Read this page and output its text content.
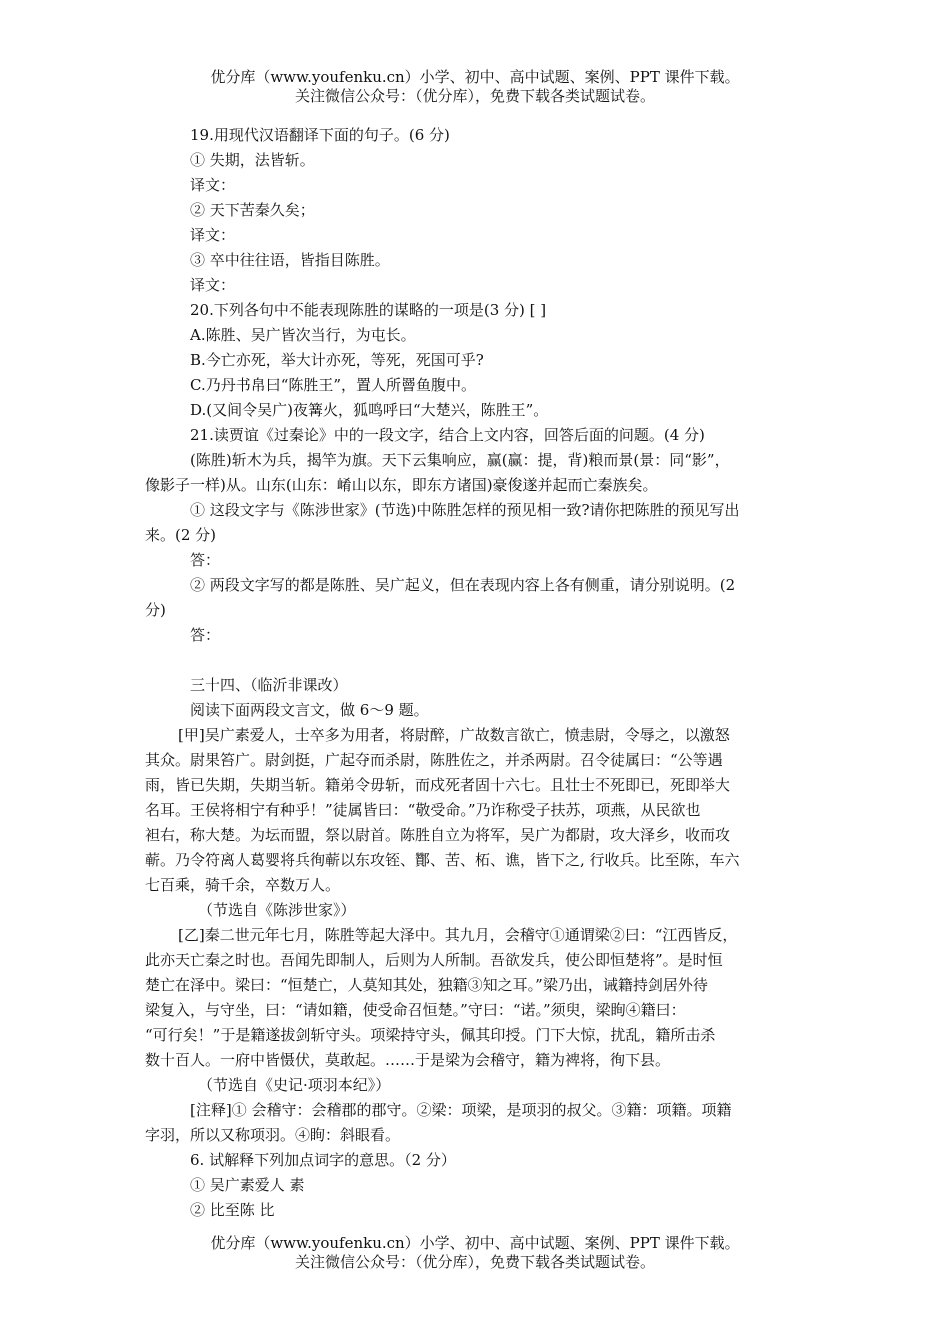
优分库（www.youfenku.cn）小学、初中、高中试题、案例、PPT 课件下载。
关注微信公众号：（优分库），免费下载各类试题试卷。
19.用现代汉语翻译下面的句子。(6 分)
① 失期，法皆斩。
译文：
② 天下苦秦久矣；
译文：
③ 卒中往往语，皆指目陈胜。
译文：
20.下列各句中不能表现陈胜的谋略的一项是(3 分) [ ]
A.陈胜、吴广皆次当行，为屯长。
B.今亡亦死，举大计亦死，等死，死国可乎?
C.乃丹书帛曰“陈胜王”，置人所罾鱼腹中。
D.(又间令吴广)夜篝火，狐鸣呼曰“大楚兴，陈胜王”。
21.读贾谊《过秦论》中的一段文字，结合上文内容，回答后面的问题。(4 分)
(陈胜)斩木为兵，揭竿为旗。天下云集响应，赢(赢：提，背)粮而景(景：同“影”，
像影子一样)从。山东(山东：崤山以东，即东方诸国)豪俊遂并起而亡秦族矣。
① 这段文字与《陈涉世家》(节选)中陈胜怎样的预见相一致?请你把陈胜的预见写出
来。(2 分)
答：
② 两段文字写的都是陈胜、吴广起义，但在表现内容上各有侧重，请分别说明。(2
分)
答：
三十四、（临沂非课改）
阅读下面两段文言文，做 6～9 题。
[甲]吴广素爱人，士卒多为用者，将尉醉，广故数言欲亡，愤恚尉，令辱之，以激怒
其众。尉果笞广。尉剑挺，广起夺而杀尉，陈胜佐之，并杀两尉。召令徒属曰：“公等遇
雨，皆已失期，失期当斩。籍弟令毋斩，而戍死者固十六七。且壮士不死即已，死即举大
名耳。王侯将相宁有种乎！”徒属皆曰：“敬受命。”乃诈称受子扶苏，项燕，从民欲也
袒右，称大楚。为坛而盟，祭以尉首。陈胜自立为将军，吴广为都尉，攻大泽乡，收而攻
蕲。乃令符离人葛婴将兵徇蕲以东攻铚、酇、苦、柘、谯，皆下之, 行收兵。比至陈，车六
七百乘，骑千余，卒数万人。
（节选自《陈涉世家》）
[乙]秦二世元年七月，陈胜等起大泽中。其九月，会稽守①通谓梁②曰：“江西皆反，
此亦天亡秦之时也。吾闻先即制人，后则为人所制。吾欲发兵，使公即恒楚将”。是时恒
楚亡在泽中。梁曰：“恒楚亡，人莫知其处，独籍③知之耳。”梁乃出，诫籍持剑居外待
梁复入，与守坐，曰：“请如籍，使受命召恒楚。”守曰：“诺。”须臾，梁眴④籍曰：
“可行矣！”于是籍遂拔剑斩守头。项梁持守头，佩其印授。门下大惊，扰乱，籍所击杀
数十百人。一府中皆慑伏，莫敢起。……于是梁为会稽守，籍为裨将，徇下县。
（节选自《史记·项羽本纪》）
[注释]① 会稽守：会稽郡的郡守。②梁：项梁，是项羽的叔父。③籍：项籍。项籍
字羽，所以又称项羽。④眴：斜眼看。
6. 试解释下列加点词字的意思。（2 分）
① 吴广素爱人 素
② 比至陈 比
优分库（www.youfenku.cn）小学、初中、高中试题、案例、PPT 课件下载。
关注微信公众号：（优分库），免费下载各类试题试卷。
